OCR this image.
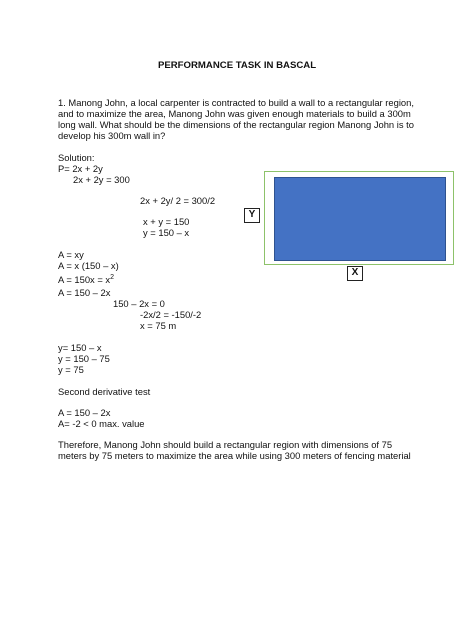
PERFORMANCE TASK IN BASCAL
1. Manong John, a local carpenter is contracted to build a wall to a rectangular region, and to maximize the area, Manong John was given enough materials to build a 300m long wall. What should be the dimensions of the rectangular region Manong John is to develop his 300m wall in?
Solution:
P= 2x + 2y
2x + 2y = 300
2x + 2y/ 2 = 300/2
x + y = 150
y = 150 – x
A = xy
A = x (150 – x)
$A = 150x = x^2$
A = 150 – 2x
150 – 2x = 0
-2x/2 = -150/-2
x = 75 m
y= 150 – x
y = 150 – 75
y = 75
Second derivative test
A = 150 – 2x
A= -2 < 0 max. value
Therefore, Manong John should build a rectangular region with dimensions of 75 meters by 75 meters to maximize the area while using 300 meters of fencing material
Y
X
